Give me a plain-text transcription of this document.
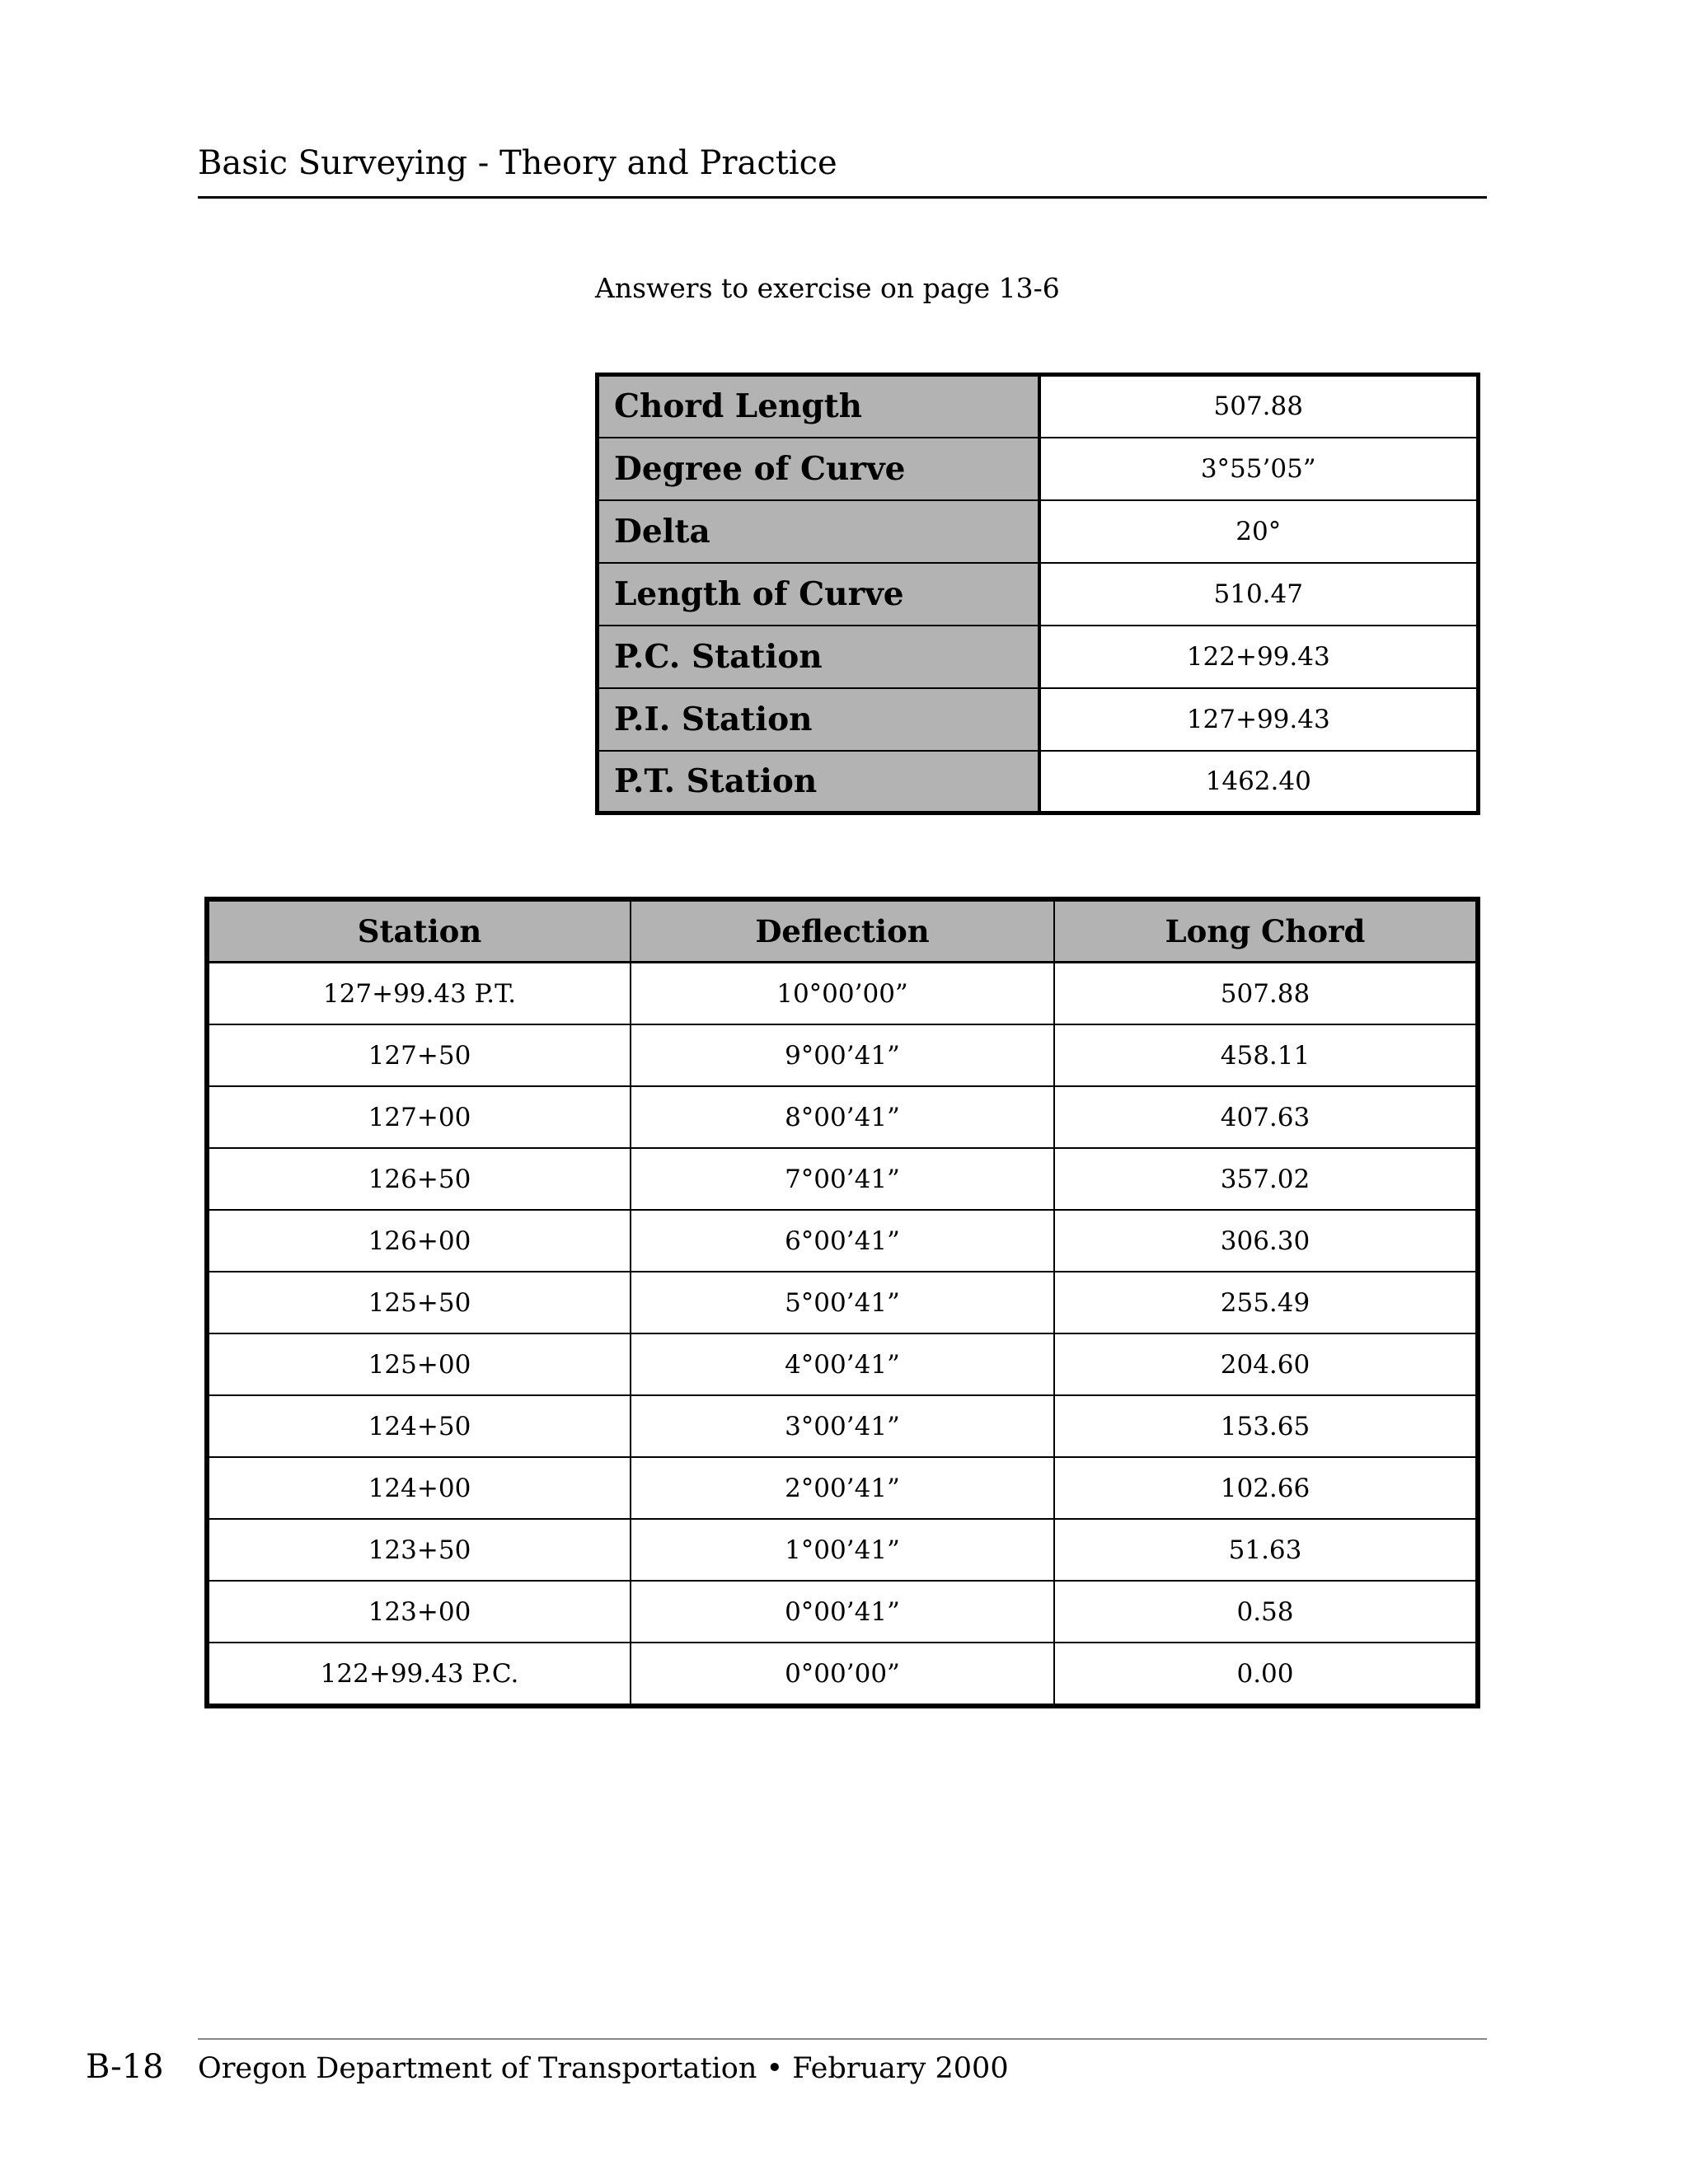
Basic Surveying - Theory and Practice
Answers to exercise on page 13-6
Chord Length	507.88
Degree of Curve	3°55’05”
Delta	20°
Length of Curve	510.47
P.C. Station	122+99.43
P.I. Station	127+99.43
P.T. Station	1462.40
Station	Deflection	Long Chord
127+99.43 P.T.	10°00’00”	507.88
127+50	9°00’41”	458.11
127+00	8°00’41”	407.63
126+50	7°00’41”	357.02
126+00	6°00’41”	306.30
125+50	5°00’41”	255.49
125+00	4°00’41”	204.60
124+50	3°00’41”	153.65
124+00	2°00’41”	102.66
123+50	1°00’41”	51.63
123+00	0°00’41”	0.58
122+99.43 P.C.	0°00’00”	0.00
B-18 Oregon Department of Transportation • February 2000
